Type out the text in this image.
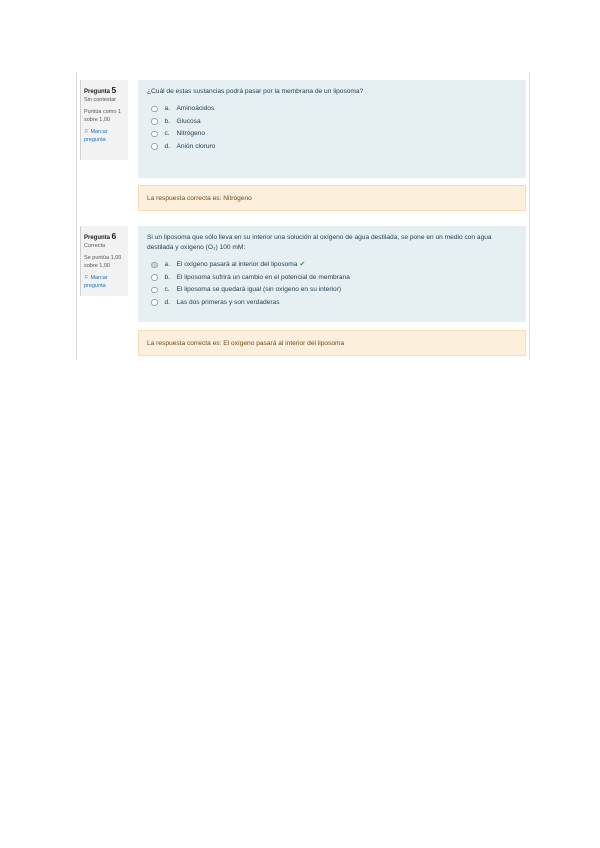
Pregunta 5
Sin contestar
Puntúa como 1 sobre 1,00
⚐ Marcar pregunta
¿Cuál de estas sustancias podrá pasar por la membrana de un liposoma?
a. Aminoácidos
b. Glucosa
c.	Nitrógeno
d. Anión cloruro
La respuesta correcta es: Nitrógeno
Pregunta 6
Correcta
Se puntúa 1,00 sobre 1,00
⚐ Marcar pregunta
Si un liposoma que sólo lleva en su interior una solución al oxígeno de agua destilada, se pone en un medio con agua destilada y oxígeno (O₂) 100 mM:
a. El oxígeno pasará al interior del liposoma ✔
b. El liposoma sufrirá un cambio en el potencial de membrana
c.	El liposoma se quedará igual (sin oxígeno en su interior)
d. Las dos primeras y son verdaderas
La respuesta correcta es: El oxígeno pasará al interior del liposoma
